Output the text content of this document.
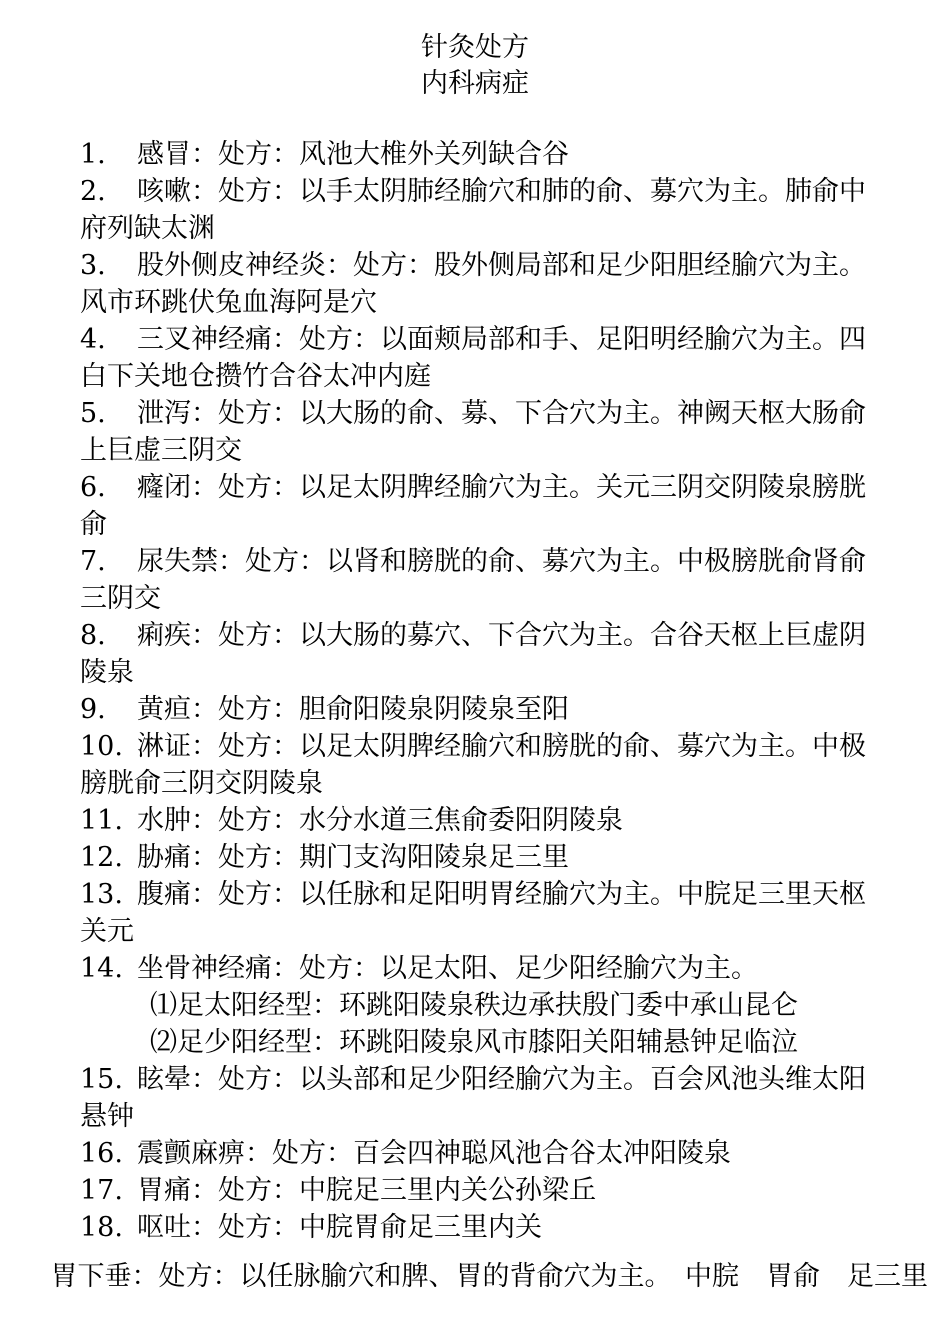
针灸处方
内科病症

1. 感冒：处方：风池大椎外关列缺合谷

2. 咳嗽：处方：以手太阴肺经腧穴和肺的俞、募穴为主。肺俞中府列缺太渊

3. 股外侧皮神经炎：处方：股外侧局部和足少阳胆经腧穴为主。风市环跳伏兔血海阿是穴

4. 三叉神经痛：处方：以面颊局部和手、足阳明经腧穴为主。四白下关地仓攒竹合谷太冲内庭

5. 泄泻：处方：以大肠的俞、募、下合穴为主。神阙天枢大肠俞上巨虚三阴交

6. 癃闭：处方：以足太阴脾经腧穴为主。关元三阴交阴陵泉膀胱俞

7. 尿失禁：处方：以肾和膀胱的俞、募穴为主。中极膀胱俞肾俞三阴交

8. 痢疾：处方：以大肠的募穴、下合穴为主。合谷天枢上巨虚阴陵泉

9. 黄疸：处方：胆俞阳陵泉阴陵泉至阳

10. 淋证：处方：以足太阴脾经腧穴和膀胱的俞、募穴为主。中极膀胱俞三阴交阴陵泉

11. 水肿：处方：水分水道三焦俞委阳阴陵泉

12. 胁痛：处方：期门支沟阳陵泉足三里

13. 腹痛：处方：以任脉和足阳明胃经腧穴为主。中脘足三里天枢关元

14. 坐骨神经痛：处方：以足太阳、足少阳经腧穴为主。

⑴足太阳经型：环跳阳陵泉秩边承扶殷门委中承山昆仑

⑵足少阳经型：环跳阳陵泉风市膝阳关阳辅悬钟足临泣

15. 眩晕：处方：以头部和足少阳经腧穴为主。百会风池头维太阳悬钟

16. 震颤麻痹：处方：百会四神聪风池合谷太冲阳陵泉

17. 胃痛：处方：中脘足三里内关公孙梁丘

18. 呕吐：处方：中脘胃俞足三里内关

胃下垂：处方：以任脉腧穴和脾、胃的背俞穴为主。　中脘　胃俞　足三里
